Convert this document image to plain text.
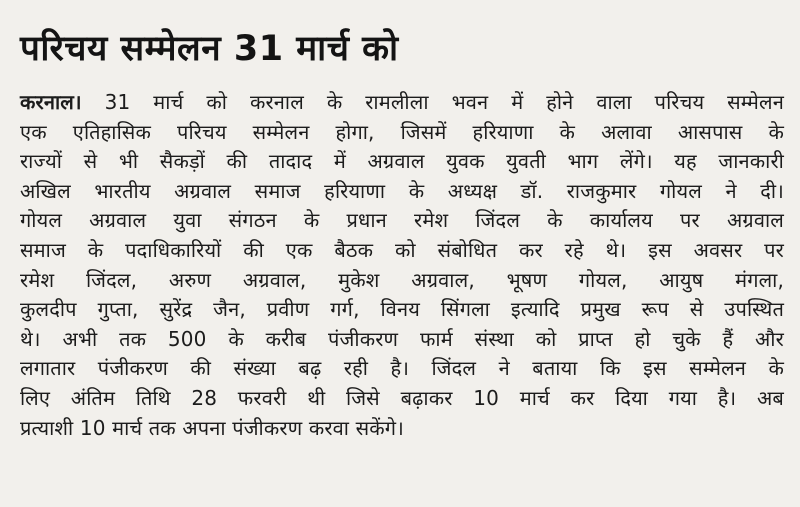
परिचय सम्मेलन 31 मार्च को
करनाल। 31 मार्च को करनाल के रामलीला भवन में होने वाला परिचय सम्मेलन
एक एतिहासिक परिचय सम्मेलन होगा, जिसमें हरियाणा के अलावा आसपास के
राज्यों से भी सैकड़ों की तादाद में अग्रवाल युवक युवती भाग लेंगे। यह जानकारी
अखिल भारतीय अग्रवाल समाज हरियाणा के अध्यक्ष डॉ. राजकुमार गोयल ने दी।
गोयल अग्रवाल युवा संगठन के प्रधान रमेश जिंदल के कार्यालय पर अग्रवाल
समाज के पदाधिकारियों की एक बैठक को संबोधित कर रहे थे। इस अवसर पर
रमेश जिंदल, अरुण अग्रवाल, मुकेश अग्रवाल, भूषण गोयल, आयुष मंगला,
कुलदीप गुप्ता, सुरेंद्र जैन, प्रवीण गर्ग, विनय सिंगला इत्यादि प्रमुख रूप से उपस्थित
थे। अभी तक 500 के करीब पंजीकरण फार्म संस्था को प्राप्त हो चुके हैं और
लगातार पंजीकरण की संख्या बढ़ रही है। जिंदल ने बताया कि इस सम्मेलन के
लिए अंतिम तिथि 28 फरवरी थी जिसे बढ़ाकर 10 मार्च कर दिया गया है। अब
प्रत्याशी 10 मार्च तक अपना पंजीकरण करवा सकेंगे।
